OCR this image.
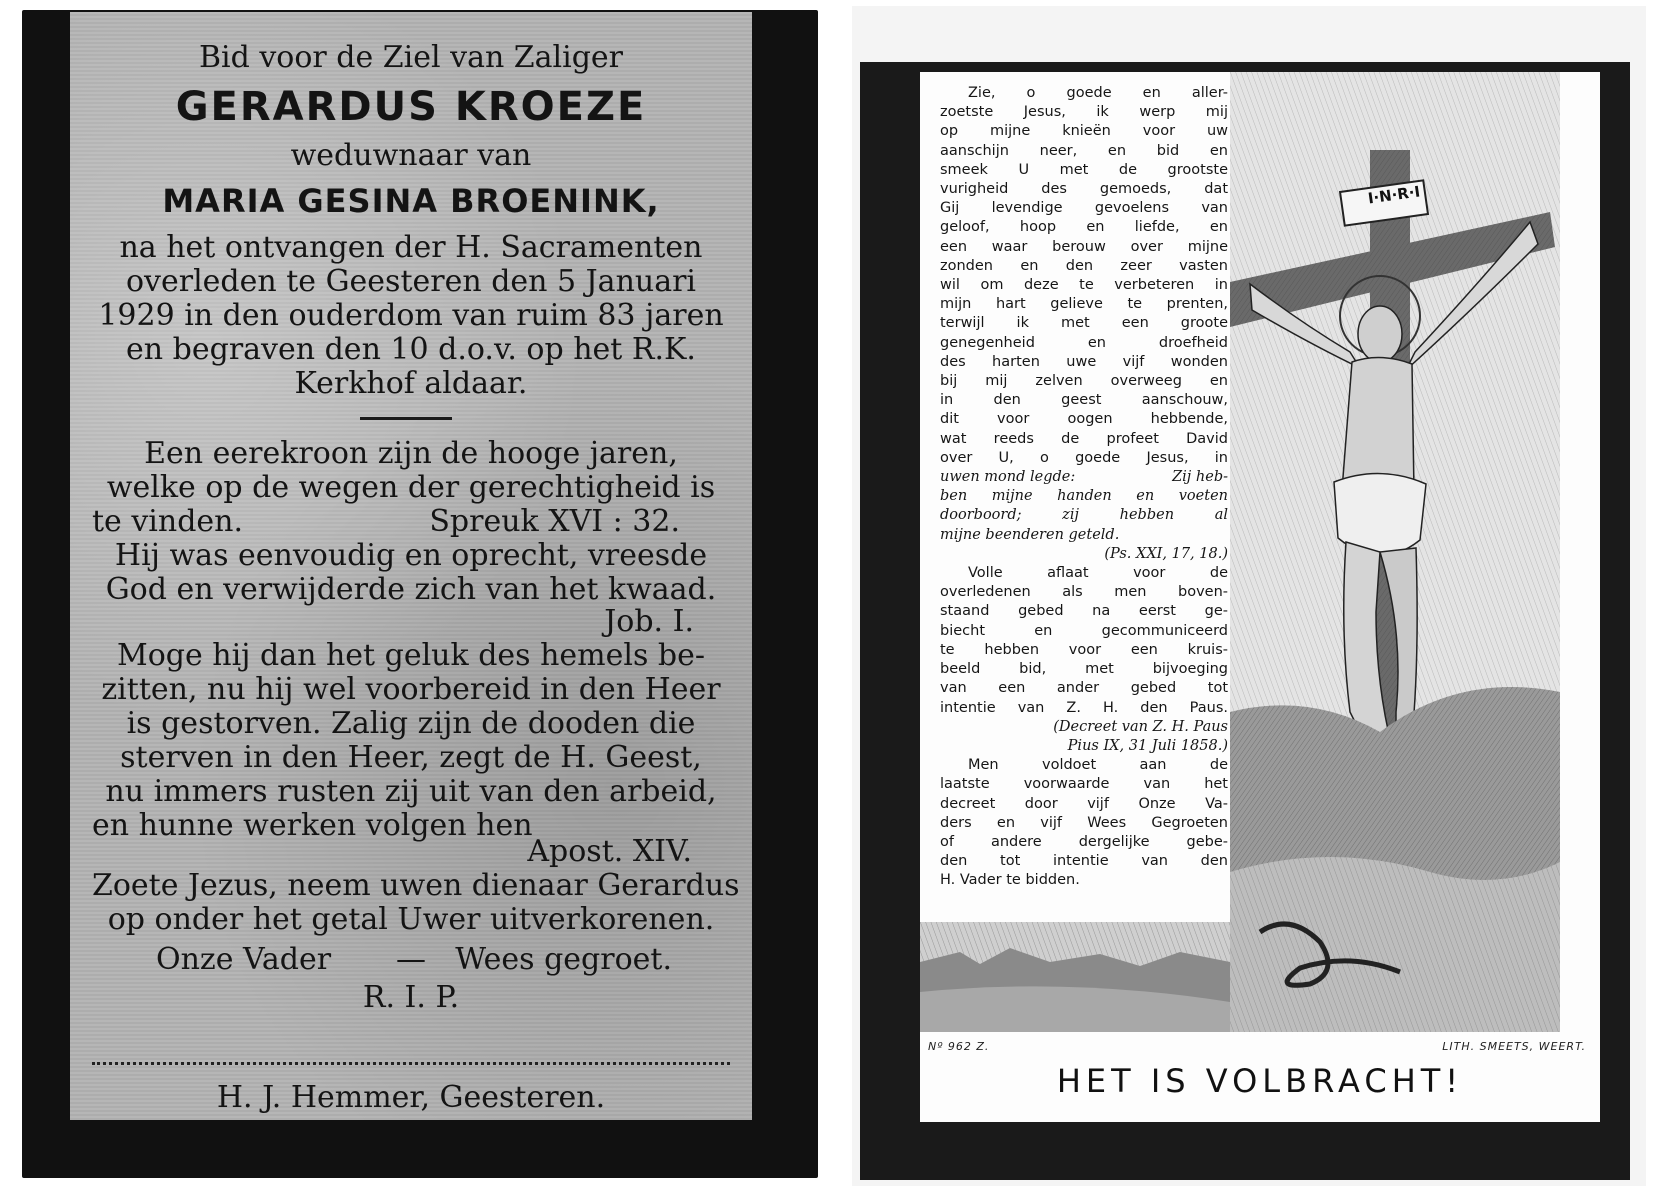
Bid voor de Ziel van Zaliger
GERARDUS KROEZE
weduwnaar van
MARIA GESINA BROENINK,
na het ontvangen der H. Sacramenten
overleden te Geesteren den 5 Januari
1929 in den ouderdom van ruim 83 jaren
en begraven den 10 d.o.v. op het R.K.
Kerkhof aldaar.
Een eerekroon zijn de hooge jaren,
welke op de wegen der gerechtigheid is
te vinden.	Spreuk XVI : 32.
Hij was eenvoudig en oprecht, vreesde
God en verwijderde zich van het kwaad.
Job. I.
Moge hij dan het geluk des hemels be-
zitten, nu hij wel voorbereid in den Heer
is gestorven. Zalig zijn de dooden die
sterven in den Heer, zegt de H. Geest,
nu immers rusten zij uit van den arbeid,
en hunne werken volgen hen
Apost. XIV.
Zoete Jezus, neem uwen dienaar Gerardus
op onder het getal Uwer uitverkorenen.
Onze Vader	— Wees gegroet.
R. I. P.
H. J. Hemmer, Geesteren.
Zie, o goede en aller-
zoetste Jesus, ik werp mij
op mijne knieën voor uw
aanschijn neer, en bid en
smeek U met de grootste
vurigheid des gemoeds, dat
Gij levendige gevoelens van
geloof, hoop en liefde, en
een waar berouw over mijne
zonden en den zeer vasten
wil om deze te verbeteren in
mijn hart gelieve te prenten,
terwijl ik met een groote
genegenheid en droefheid
des harten uwe vijf wonden
bij mij zelven overweeg en
in den geest aanschouw,
dit voor oogen hebbende,
wat reeds de profeet David
over U, o goede Jesus, in
uwen mond legde:	Zij heb-
ben mijne handen en voeten
doorboord; zij hebben al
mijne beenderen geteld.
(Ps. XXI, 17, 18.)
Volle aflaat voor de
overledenen als men boven-
staand gebed na eerst ge-
biecht en gecommuniceerd
te hebben voor een kruis-
beeld bid, met bijvoeging
van een ander gebed tot
intentie van Z. H. den Paus.
(Decreet van Z. H. Paus
Pius IX, 31 Juli 1858.)
Men voldoet aan de
laatste voorwaarde van het
decreet door vijf Onze Va-
ders en vijf Wees Gegroeten
of andere dergelijke gebe-
den tot intentie van den
H. Vader te bidden.
I·N·R·I
Nº 962 Z.	LITH. SMEETS, WEERT.
HET IS VOLBRACHT!
